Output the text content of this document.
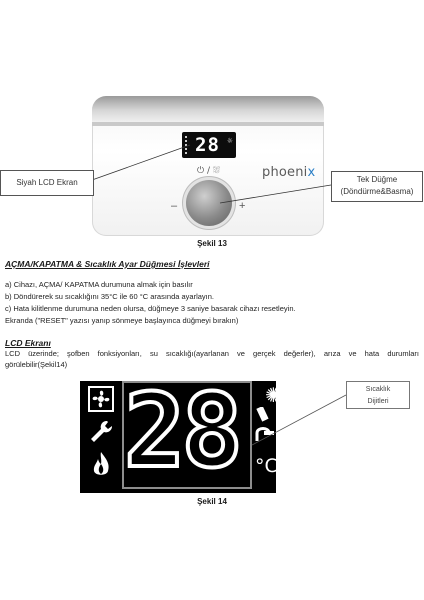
28 ☼
⏻ / ⛆	phoenix
–	+
Siyah LCD Ekran	Tek Düğme
(Döndürme&Basma)
Şekil 13
AÇMA/KAPATMA & Sıcaklık Ayar Düğmesi İşlevleri
a) Cihazı, AÇMA/ KAPATMA durumuna almak için basılır
b) Döndürerek su sıcaklığını 35°C ile 60 °C arasında ayarlayın.
c) Hata kilitlenme durumuna neden olursa, düğmeye 3 saniye basarak cihazı resetleyin.
Ekranda ("RESET" yazısı yanıp sönmeye başlayınca düğmeyi bırakın)
LCD Ekranı
LCD üzerinde; şofben fonksiyonları, su sıcaklığı(ayarlanan ve gerçek değerler), arıza ve hata durumları
görülebilir(Şekil14)
28 ✺
°C
Sıcaklık
Dijitleri
Şekil 14
